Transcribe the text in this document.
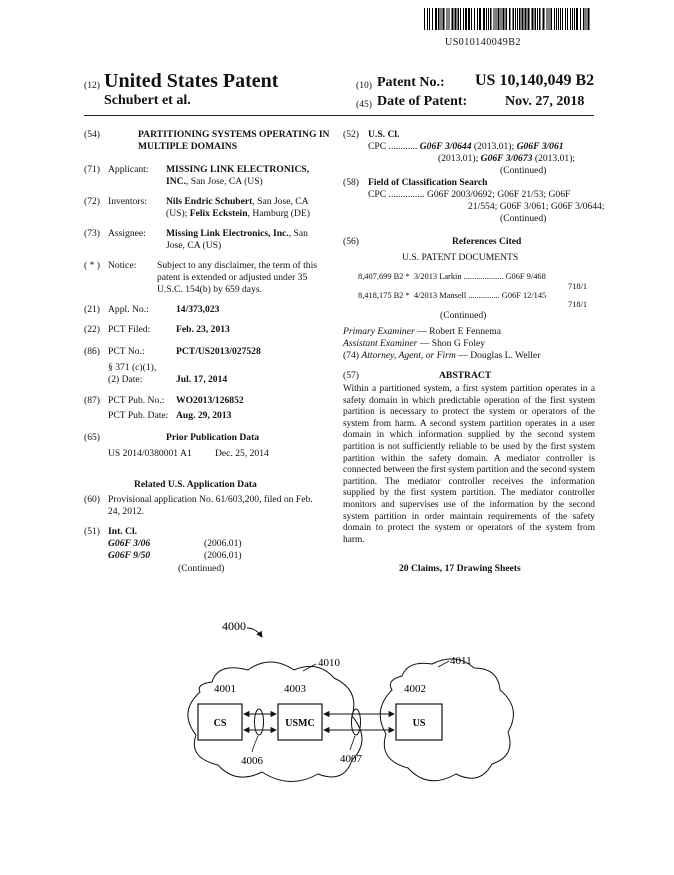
US010140049B2
(12) United States Patent
Schubert et al.
(10) Patent No.: US 10,140,049 B2
(45) Date of Patent:	Nov. 27, 2018
(54)	PARTITIONING SYSTEMS OPERATING IN
MULTIPLE DOMAINS
(71) Applicant: MISSING LINK ELECTRONICS,
INC., San Jose, CA (US)
(72) Inventors: Nils Endric Schubert, San Jose, CA
(US); Felix Eckstein, Hamburg (DE)
(73) Assignee: Missing Link Electronics, Inc., San
Jose, CA (US)
( * ) Notice: Subject to any disclaimer, the term of this
patent is extended or adjusted under 35
U.S.C. 154(b) by 659 days.
(21) Appl. No.:	14/373,023
(22) PCT Filed:	Feb. 23, 2013
(86) PCT No.:	PCT/US2013/027528
§ 371 (c)(1),
(2) Date:	Jul. 17, 2014
(87) PCT Pub. No.: WO2013/126852
PCT Pub. Date: Aug. 29, 2013
(65)	Prior Publication Data
US 2014/0380001 A1 Dec. 25, 2014
Related U.S. Application Data
(60) Provisional application No. 61/603,200, filed on Feb.
24, 2012.
(51) Int. Cl.
G06F 3/06	(2006.01)
G06F 9/50	(2006.01)
(Continued)
(52) U.S. Cl.
CPC ............ G06F 3/0644 (2013.01); G06F 3/061
(2013.01); G06F 3/0673 (2013.01);
(Continued)
(58) Field of Classification Search
CPC ............... G06F 2003/0692; G06F 21/53; G06F
21/554; G06F 3/061; G06F 3/0644;
(Continued)
(56)	References Cited
U.S. PATENT DOCUMENTS
8,407,699 B2 * 3/2013 Larkin ................... G06F 9/468
718/1
8,418,175 B2 * 4/2013 Mansell ............... G06F 12/145
718/1
(Continued)
Primary Examiner — Robert E Fennema
Assistant Examiner — Shon G Foley
(74) Attorney, Agent, or Firm — Douglas L. Weller
(57)	ABSTRACT
Within a partitioned system, a first system partition operates in a safety domain in which predictable operation of the first system partition is necessary to protect the system or operators of the system from harm. A second system partition operates in a user domain in which information supplied by the second system partition is not sufficiently reliable to be used by the first system partition within the safety domain. A mediator controller is connected between the first system partition and the second system partition. The mediator controller receives the information supplied by the first system partition. The mediator controller monitors and supervises use of the information by the second system partition in order maintain requirements of the safety domain to protect the system or operators of the system from harm.
20 Claims, 17 Drawing Sheets
4000
4010	4011
CS	USMC	US
4001	4003	4002
4006	4007
